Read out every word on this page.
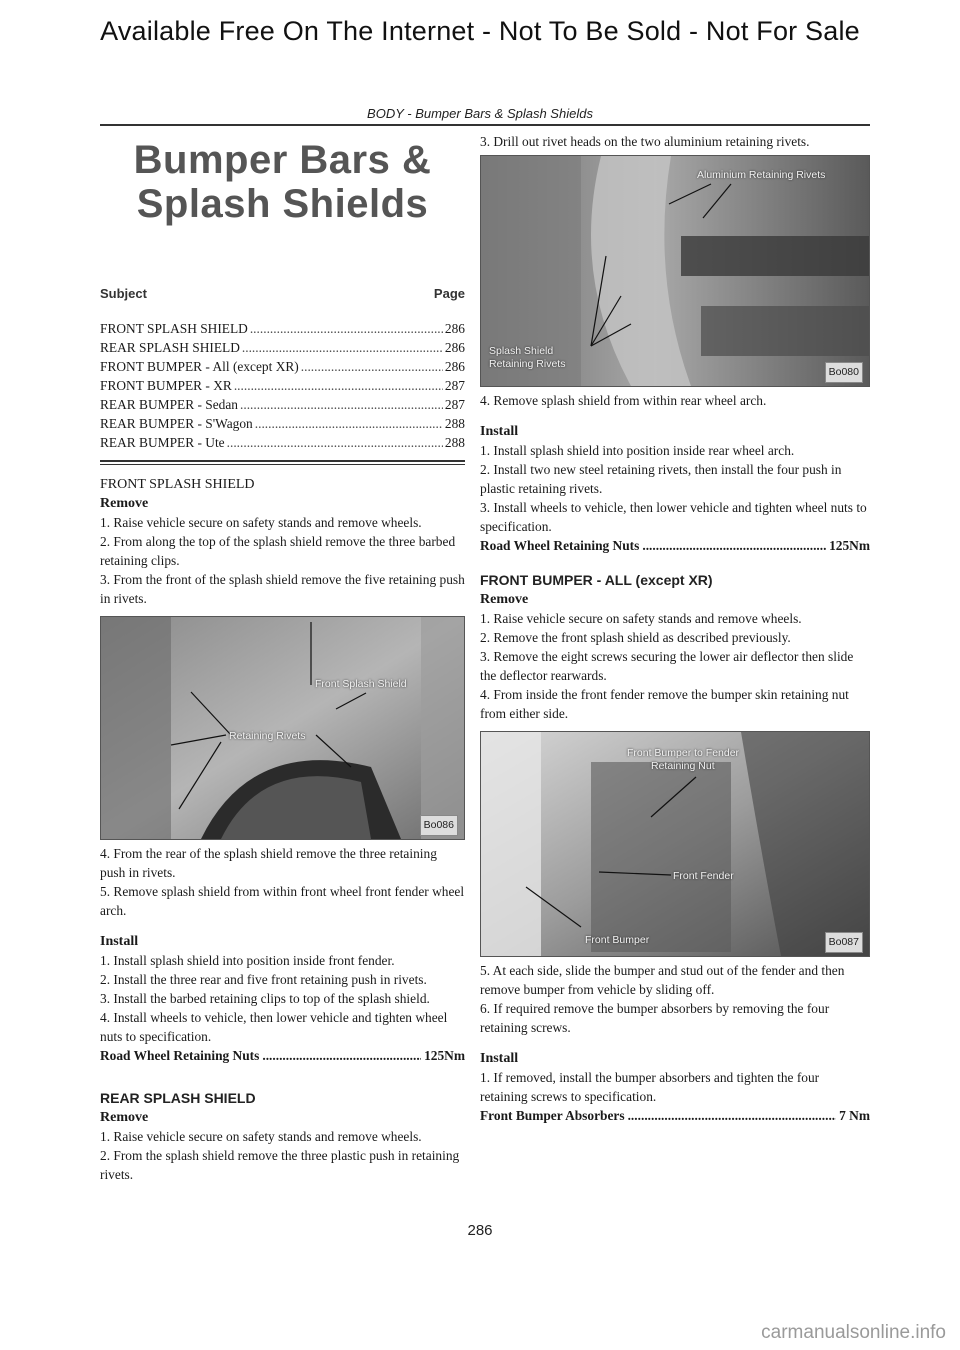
Available Free On The Internet - Not To Be Sold - Not For Sale
BODY - Bumper Bars & Splash Shields
Bumper Bars &
Splash Shields
Subject	Page
FRONT SPLASH SHIELD .....	286
REAR SPLASH SHIELD .....	286
FRONT BUMPER - All (except XR) .....	286
FRONT BUMPER - XR .....	287
REAR BUMPER - Sedan .....	287
REAR BUMPER - S'Wagon .....	288
REAR BUMPER - Ute .....	288
FRONT SPLASH SHIELD
Remove

1. Raise vehicle secure on safety stands and remove wheels.

2. From along the top of the splash shield remove the three barbed retaining clips.

3. From the front of the splash shield remove the five retaining push in rivets.

Front Splash Shield
Retaining Rivets
Bo086

4. From the rear of the splash shield remove the three retaining push in rivets.

5. Remove splash shield from within front wheel front fender wheel arch.

Install

1. Install splash shield into position inside front fender.

2. Install the three rear and five front retaining push in rivets.

3. Install the barbed retaining clips to top of the splash shield.

4. Install wheels to vehicle, then lower vehicle and tighten wheel nuts to specification.

Road Wheel Retaining Nuts .....	125Nm
REAR SPLASH SHIELD
Remove

1. Raise vehicle secure on safety stands and remove wheels.

2. From the splash shield remove the three plastic push in retaining rivets.

3. Drill out rivet heads on the two aluminium retaining rivets.

Aluminium Retaining Rivets
Splash Shield
Retaining Rivets
Bo080

4. Remove splash shield from within rear wheel arch.

Install

1. Install splash shield into position inside rear wheel arch.

2. Install two new steel retaining rivets, then install the four push in plastic retaining rivets.

3. Install wheels to vehicle, then lower vehicle and tighten wheel nuts to specification.

Road Wheel Retaining Nuts .....	125Nm
FRONT BUMPER - ALL (except XR)
Remove

1. Raise vehicle secure on safety stands and remove wheels.

2. Remove the front splash shield as described previously.

3. Remove the eight screws securing the lower air deflector then slide the deflector rearwards.

4. From inside the front fender remove the bumper skin retaining nut from either side.

Front Bumper to Fender
Retaining Nut
Front Fender
Front Bumper	Bo087

5. At each side, slide the bumper and stud out of the fender and then remove bumper from vehicle by sliding off.

6. If required remove the bumper absorbers by removing the four retaining screws.

Install

1. If removed, install the bumper absorbers and tighten the four retaining screws to specification.

Front Bumper Absorbers .....	7 Nm
286
carmanualsonline.info
